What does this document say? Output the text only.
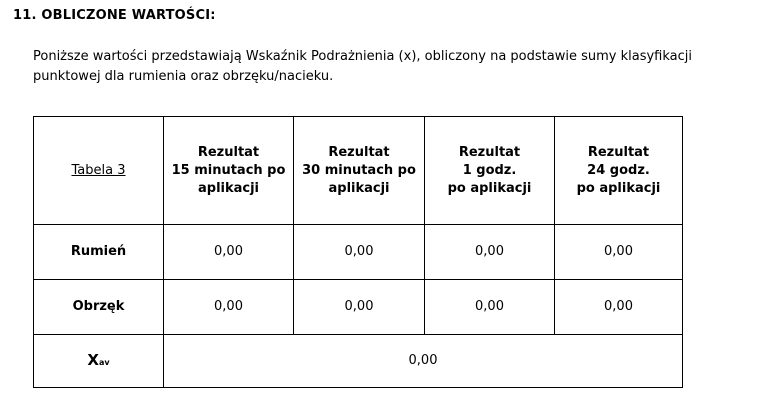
11. OBLICZONE WARTOŚCI:

Poniższe wartości przedstawiają Wskaźnik Podrażnienia (x), obliczony na podstawie sumy klasyfikacji punktowej dla rumienia oraz obrzęku/nacieku.

Tabela 3	Rezultat
15 minutach po
aplikacji	Rezultat
30 minutach po
aplikacji	Rezultat
1 godz.
po aplikacji	Rezultat
24 godz.
po aplikacji
Rumień	0,00	0,00	0,00	0,00
Obrzęk	0,00	0,00	0,00	0,00
Xav	0,00			
